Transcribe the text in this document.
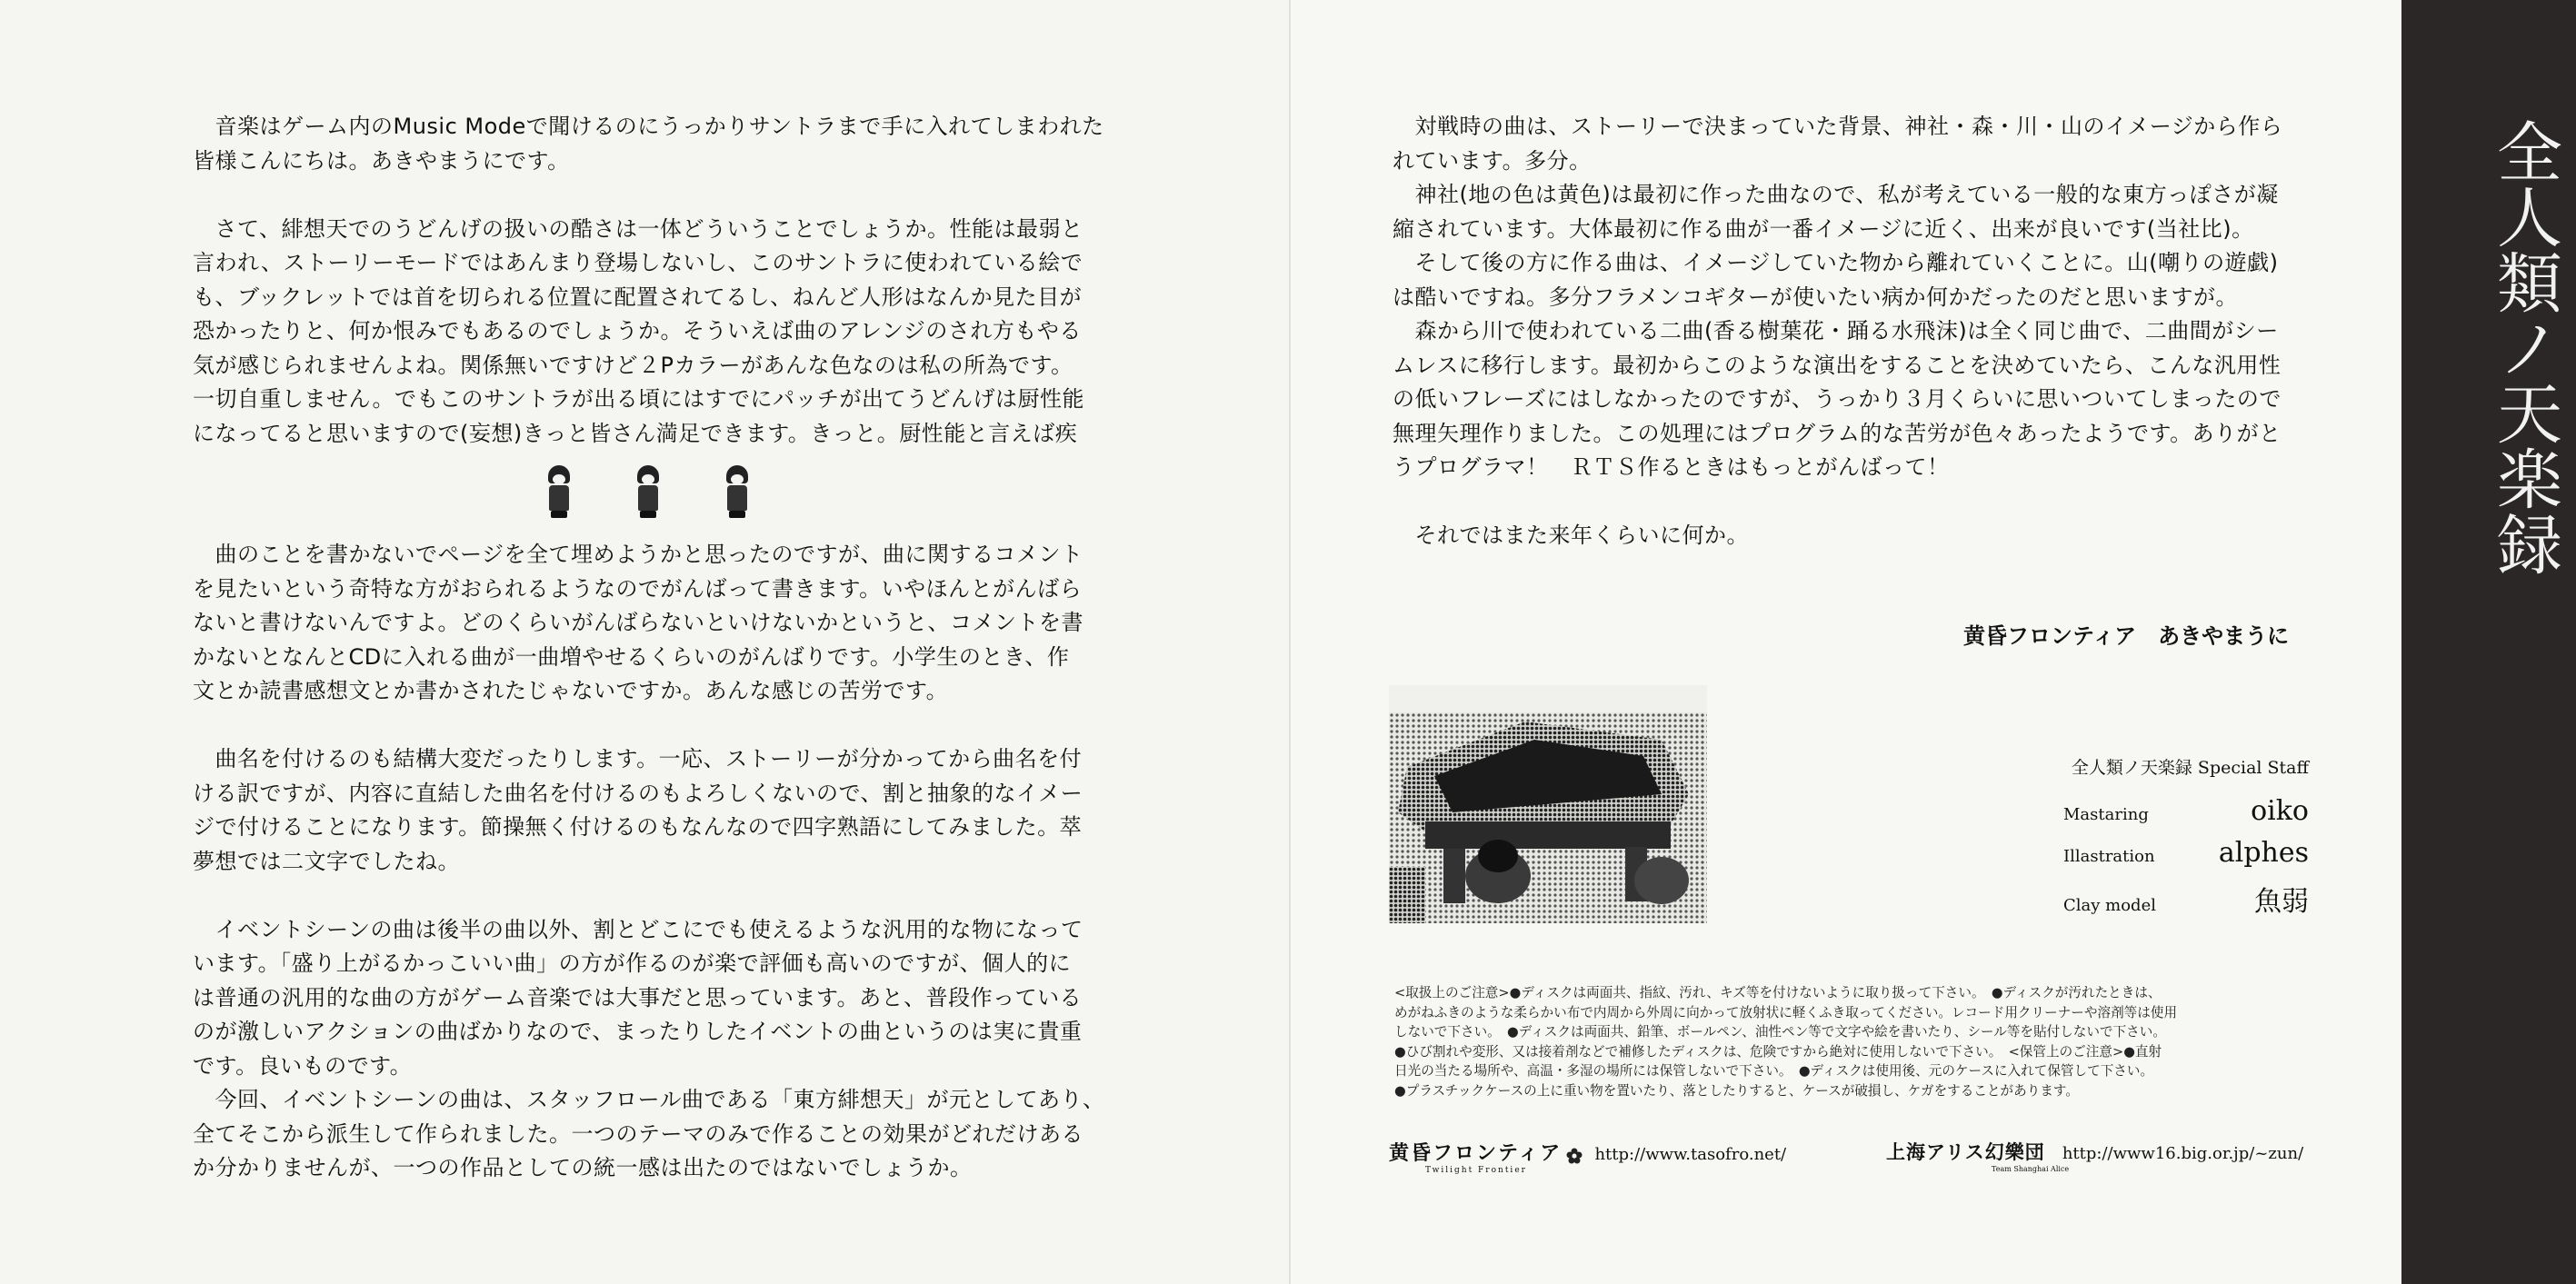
　音楽はゲーム内のMusic Modeで聞けるのにうっかりサントラまで手に入れてしまわれた
皆様こんにちは。あきやまうにです。

　さて、緋想天でのうどんげの扱いの酷さは一体どういうことでしょうか。性能は最弱と
言われ、ストーリーモードではあんまり登場しないし、このサントラに使われている絵で
も、ブックレットでは首を切られる位置に配置されてるし、ねんど人形はなんか見た目が
恐かったりと、何か恨みでもあるのでしょうか。そういえば曲のアレンジのされ方もやる
気が感じられませんよね。関係無いですけど２Pカラーがあんな色なのは私の所為です。
一切自重しません。でもこのサントラが出る頃にはすでにパッチが出てうどんげは厨性能
になってると思いますので(妄想)きっと皆さん満足できます。きっと。厨性能と言えば疾

　曲のことを書かないでページを全て埋めようかと思ったのですが、曲に関するコメント
を見たいという奇特な方がおられるようなのでがんばって書きます。いやほんとがんばら
ないと書けないんですよ。どのくらいがんばらないといけないかというと、コメントを書
かないとなんとCDに入れる曲が一曲増やせるくらいのがんばりです。小学生のとき、作
文とか読書感想文とか書かされたじゃないですか。あんな感じの苦労です。

　曲名を付けるのも結構大変だったりします。一応、ストーリーが分かってから曲名を付
ける訳ですが、内容に直結した曲名を付けるのもよろしくないので、割と抽象的なイメー
ジで付けることになります。節操無く付けるのもなんなので四字熟語にしてみました。萃
夢想では二文字でしたね。

　イベントシーンの曲は後半の曲以外、割とどこにでも使えるような汎用的な物になって
います。「盛り上がるかっこいい曲」の方が作るのが楽で評価も高いのですが、個人的に
は普通の汎用的な曲の方がゲーム音楽では大事だと思っています。あと、普段作っている
のが激しいアクションの曲ばかりなので、まったりしたイベントの曲というのは実に貴重
です。良いものです。
　今回、イベントシーンの曲は、スタッフロール曲である「東方緋想天」が元としてあり、
全てそこから派生して作られました。一つのテーマのみで作ることの効果がどれだけある
か分かりませんが、一つの作品としての統一感は出たのではないでしょうか。

　対戦時の曲は、ストーリーで決まっていた背景、神社・森・川・山のイメージから作ら
れています。多分。
　神社(地の色は黄色)は最初に作った曲なので、私が考えている一般的な東方っぽさが凝
縮されています。大体最初に作る曲が一番イメージに近く、出来が良いです(当社比)。
　そして後の方に作る曲は、イメージしていた物から離れていくことに。山(嘲りの遊戯)
は酷いですね。多分フラメンコギターが使いたい病か何かだったのだと思いますが。
　森から川で使われている二曲(香る樹葉花・踊る水飛沫)は全く同じ曲で、二曲間がシー
ムレスに移行します。最初からこのような演出をすることを決めていたら、こんな汎用性
の低いフレーズにはしなかったのですが、うっかり３月くらいに思いついてしまったので
無理矢理作りました。この処理にはプログラム的な苦労が色々あったようです。ありがと
うプログラマ！　ＲＴＳ作るときはもっとがんばって！

　それではまた来年くらいに何か。

黄昏フロンティア　あきやまうに
全人類ノ天楽録 Special Staff
Mastaring	oiko
Illastration alphes
Clay model	魚弱

<取扱上のご注意>●ディスクは両面共、指紋、汚れ、キズ等を付けないように取り扱って下さい。　●ディスクが汚れたときは、

めがねふきのような柔らかい布で内周から外周に向かって放射状に軽くふき取ってください。レコード用クリーナーや溶剤等は使用

しないで下さい。　●ディスクは両面共、鉛筆、ボールペン、油性ペン等で文字や絵を書いたり、シール等を貼付しないで下さい。

●ひび割れや変形、又は接着剤などで補修したディスクは、危険ですから絶対に使用しないで下さい。　<保管上のご注意>●直射

日光の当たる場所や、高温・多湿の場所には保管しないで下さい。　●ディスクは使用後、元のケースに入れて保管して下さい。

●プラスチックケースの上に重い物を置いたり、落としたりすると、ケースが破損し、ケガをすることがあります。

黄昏フロンティア http://www.tasofro.net/
Twilight Frontier
上海アリス幻樂団 http://www16.big.or.jp/~zun/
Team Shanghai Alice
全
人
類
ノ
天
楽
録
